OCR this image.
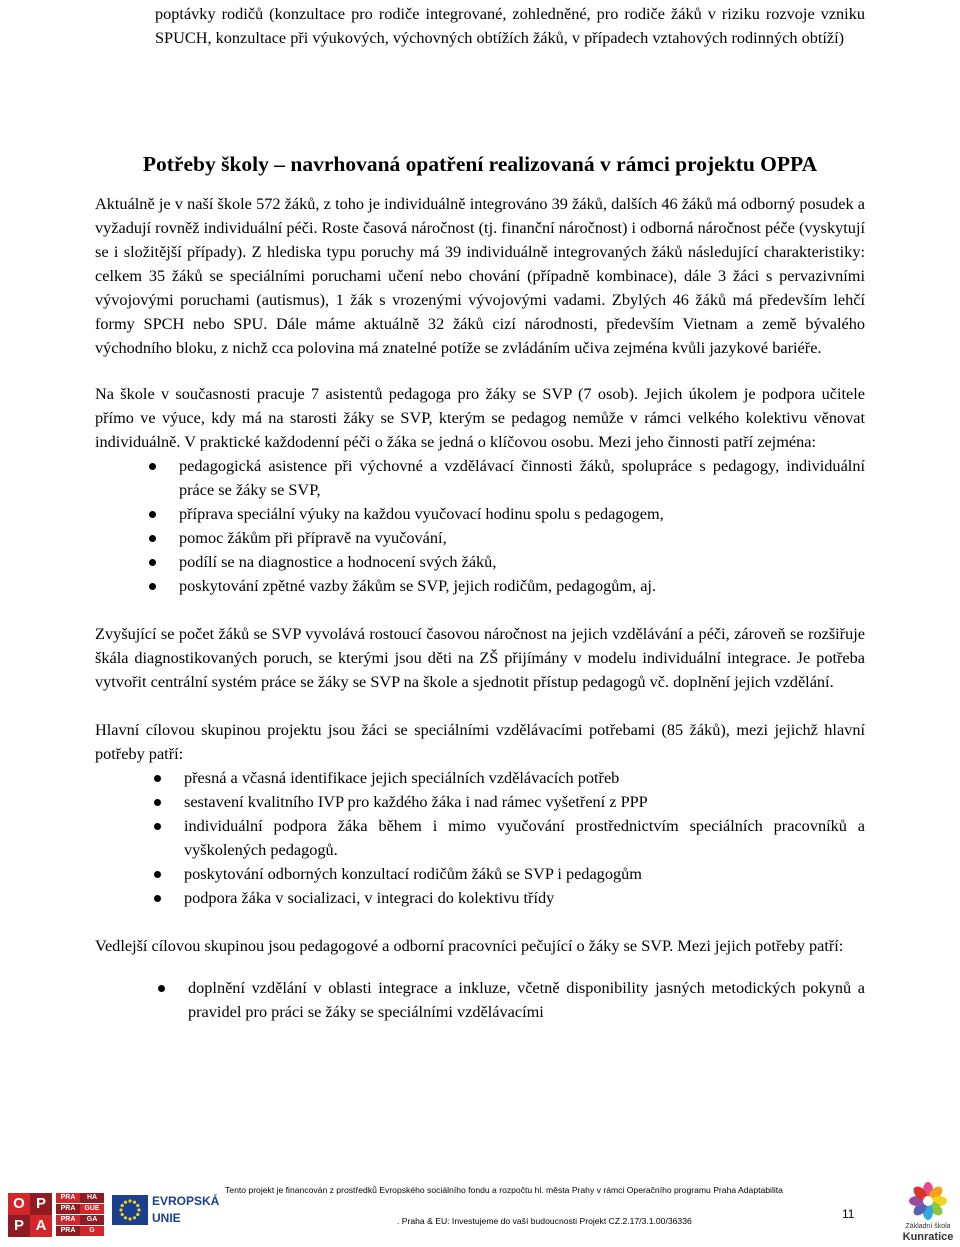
poptávky rodičů (konzultace pro rodiče integrované, zohledněné, pro rodiče žáků v riziku rozvoje vzniku SPUCH, konzultace při výukových, výchovných obtížích žáků, v případech vztahových rodinných obtíží)

Potřeby školy – navrhovaná opatření realizovaná v rámci projektu OPPA

Aktuálně je v naší škole 572 žáků, z toho je individuálně integrováno 39 žáků, dalších 46 žáků má odborný posudek a vyžadují rovněž individuální péči. Roste časová náročnost (tj. finanční náročnost) i odborná náročnost péče (vyskytují se i složitější případy). Z hlediska typu poruchy má 39 individuálně integrovaných žáků následující charakteristiky: celkem 35 žáků se speciálními poruchami učení nebo chování (případně kombinace), dále 3 žáci s pervazivními vývojovými poruchami (autismus), 1 žák s vrozenými vývojovými vadami. Zbylých 46 žáků má především lehčí formy SPCH nebo SPU. Dále máme aktuálně 32 žáků cizí národnosti, především Vietnam a země bývalého východního bloku, z nichž cca polovina má znatelné potíže se zvládáním učiva zejména kvůli jazykové bariéře.

Na škole v současnosti pracuje 7 asistentů pedagoga pro žáky se SVP (7 osob). Jejich úkolem je podpora učitele přímo ve výuce, kdy má na starosti žáky se SVP, kterým se pedagog nemůže v rámci velkého kolektivu věnovat individuálně. V praktické každodenní péči o žáka se jedná o klíčovou osobu. Mezi jeho činnosti patří zejména:

pedagogická asistence při výchovné a vzdělávací činnosti žáků, spolupráce s pedagogy, individuální práce se žáky se SVP,
příprava speciální výuky na každou vyučovací hodinu spolu s pedagogem,
pomoc žákům při přípravě na vyučování,
podílí se na diagnostice a hodnocení svých žáků,
poskytování zpětné vazby žákům se SVP, jejich rodičům, pedagogům, aj.

Zvyšující se počet žáků se SVP vyvolává rostoucí časovou náročnost na jejich vzdělávání a péči, zároveň se rozšiřuje škála diagnostikovaných poruch, se kterými jsou děti na ZŠ přijímány v modelu individuální integrace. Je potřeba vytvořit centrální systém práce se žáky se SVP na škole a sjednotit přístup pedagogů vč. doplnění jejich vzdělání.

Hlavní cílovou skupinou projektu jsou žáci se speciálními vzdělávacími potřebami (85 žáků), mezi jejichž hlavní potřeby patří:

přesná a včasná identifikace jejich speciálních vzdělávacích potřeb
sestavení kvalitního IVP pro každého žáka i nad rámec vyšetření z PPP
individuální podpora žáka během i mimo vyučování prostřednictvím speciálních pracovníků a vyškolených pedagogů.
poskytování odborných konzultací rodičům žáků se SVP i pedagogům
podpora žáka v socializaci, v integraci do kolektivu třídy

Vedlejší cílovou skupinou jsou pedagogové a odborní pracovníci pečující o žáky se SVP. Mezi jejich potřeby patří:

doplnění vzdělání v oblasti integrace a inkluze, včetně disponibility jasných metodických pokynů a pravidel pro práci se žáky se speciálními vzdělávacími
O P
P A
PRA	HA
PRA	GUE
PRA	GA
PRA	G
EVROPSKÁ
UNIE
Tento projekt je financován z prostředků Evropského sociálního fondu a rozpočtu hl. města Prahy v rámci Operačního programu Praha Adaptabilita
. Praha & EU: Investujeme do vaší budoucnosti Projekt CZ.2.17/3.1.00/36336	11
Základní škola
Kunratice
